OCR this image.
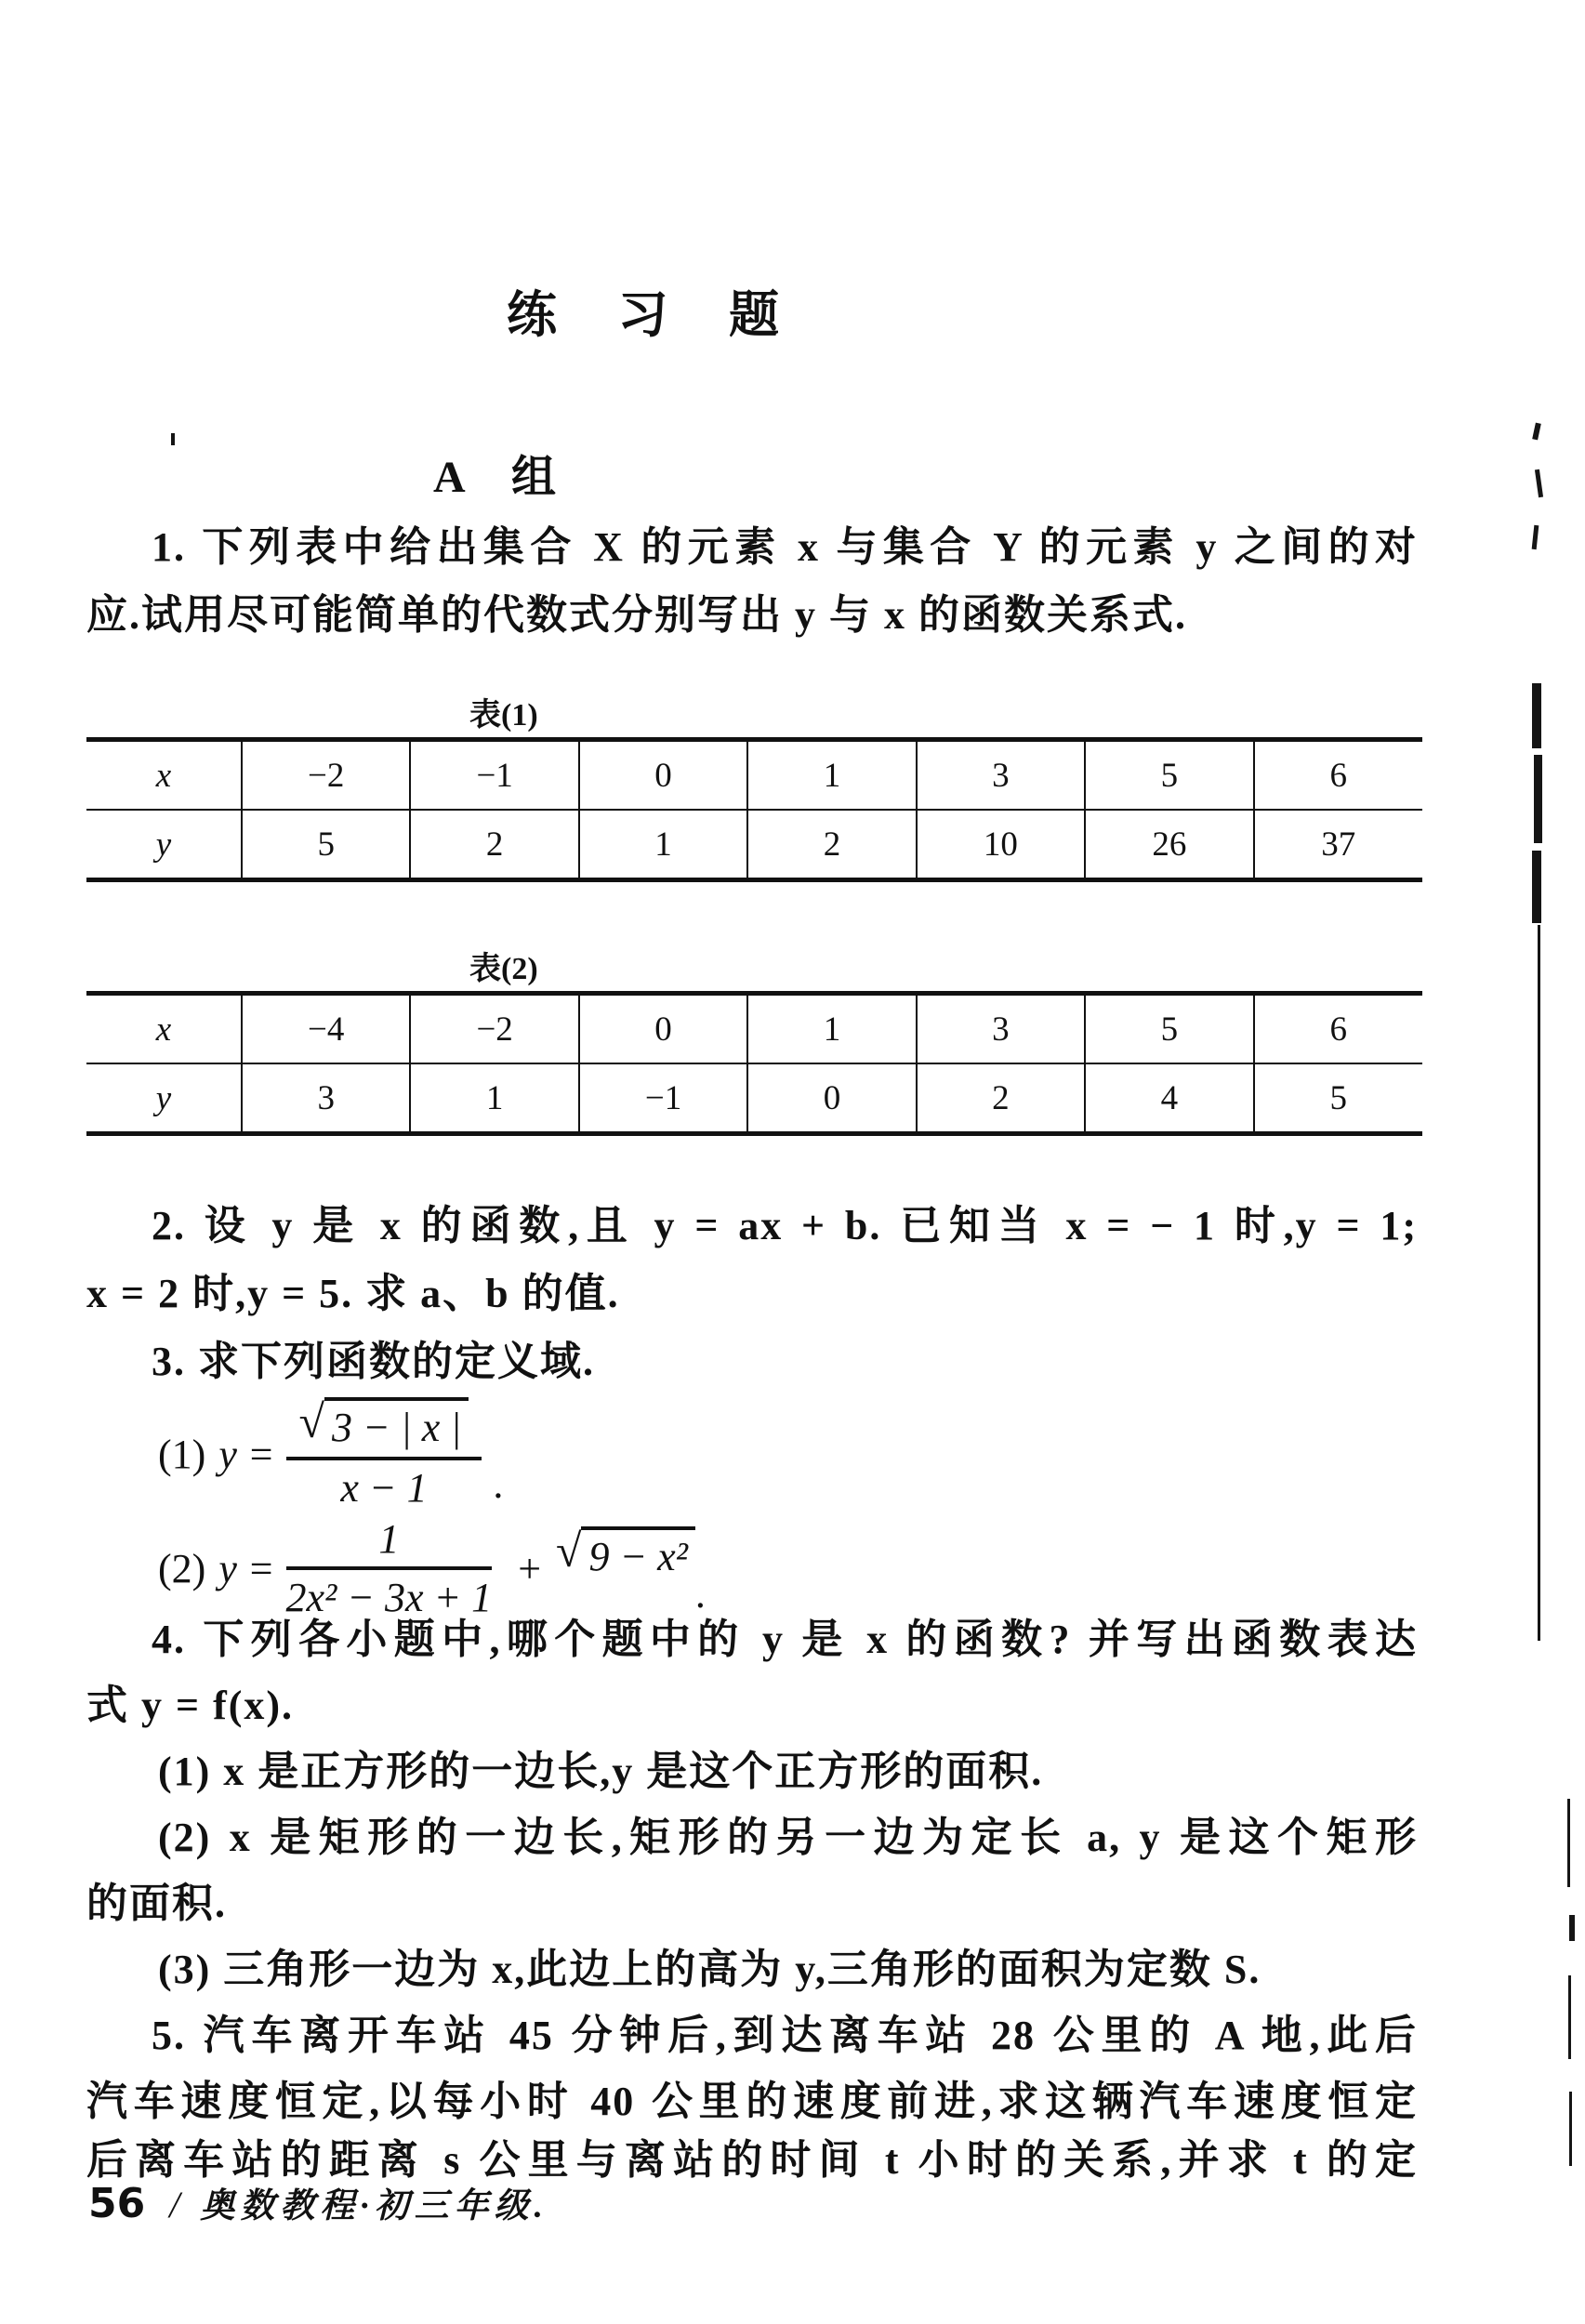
练 习 题
A 组
1. 下列表中给出集合 X 的元素 x 与集合 Y 的元素 y 之间的对
应.试用尽可能简单的代数式分别写出 y 与 x 的函数关系式.
表(1)
x	−2	−1	0	1	3	5	6
y	5	2	1	2	10	26	37
表(2)
x	−4	−2	0	1	3	5	6
y	3	1	−1	0	2	4	5
2. 设 y 是 x 的函数,且 y = ax + b. 已知当 x = − 1 时,y = 1;
x = 2 时,y = 5. 求 a、b 的值.
3. 求下列函数的定义域.
(1) $y = \frac{√ 3 - | x |}{x - 1}$ .
(2) $y = \frac{1}{\text{2x² − 3x + 1}}$ + √ 9 − x²
.
4. 下列各小题中,哪个题中的 y 是 x 的函数? 并写出函数表达
式 y = f(x).
(1) x 是正方形的一边长,y 是这个正方形的面积.
(2) x 是矩形的一边长,矩形的另一边为定长 a, y 是这个矩形
的面积.
(3) 三角形一边为 x,此边上的高为 y,三角形的面积为定数 S.
5. 汽车离开车站 45 分钟后,到达离车站 28 公里的 A 地,此后
汽车速度恒定,以每小时 40 公里的速度前进,求这辆汽车速度恒定
后离车站的距离 s 公里与离站的时间 t 小时的关系,并求 t 的定
56 / 奥数教程·初三年级.
